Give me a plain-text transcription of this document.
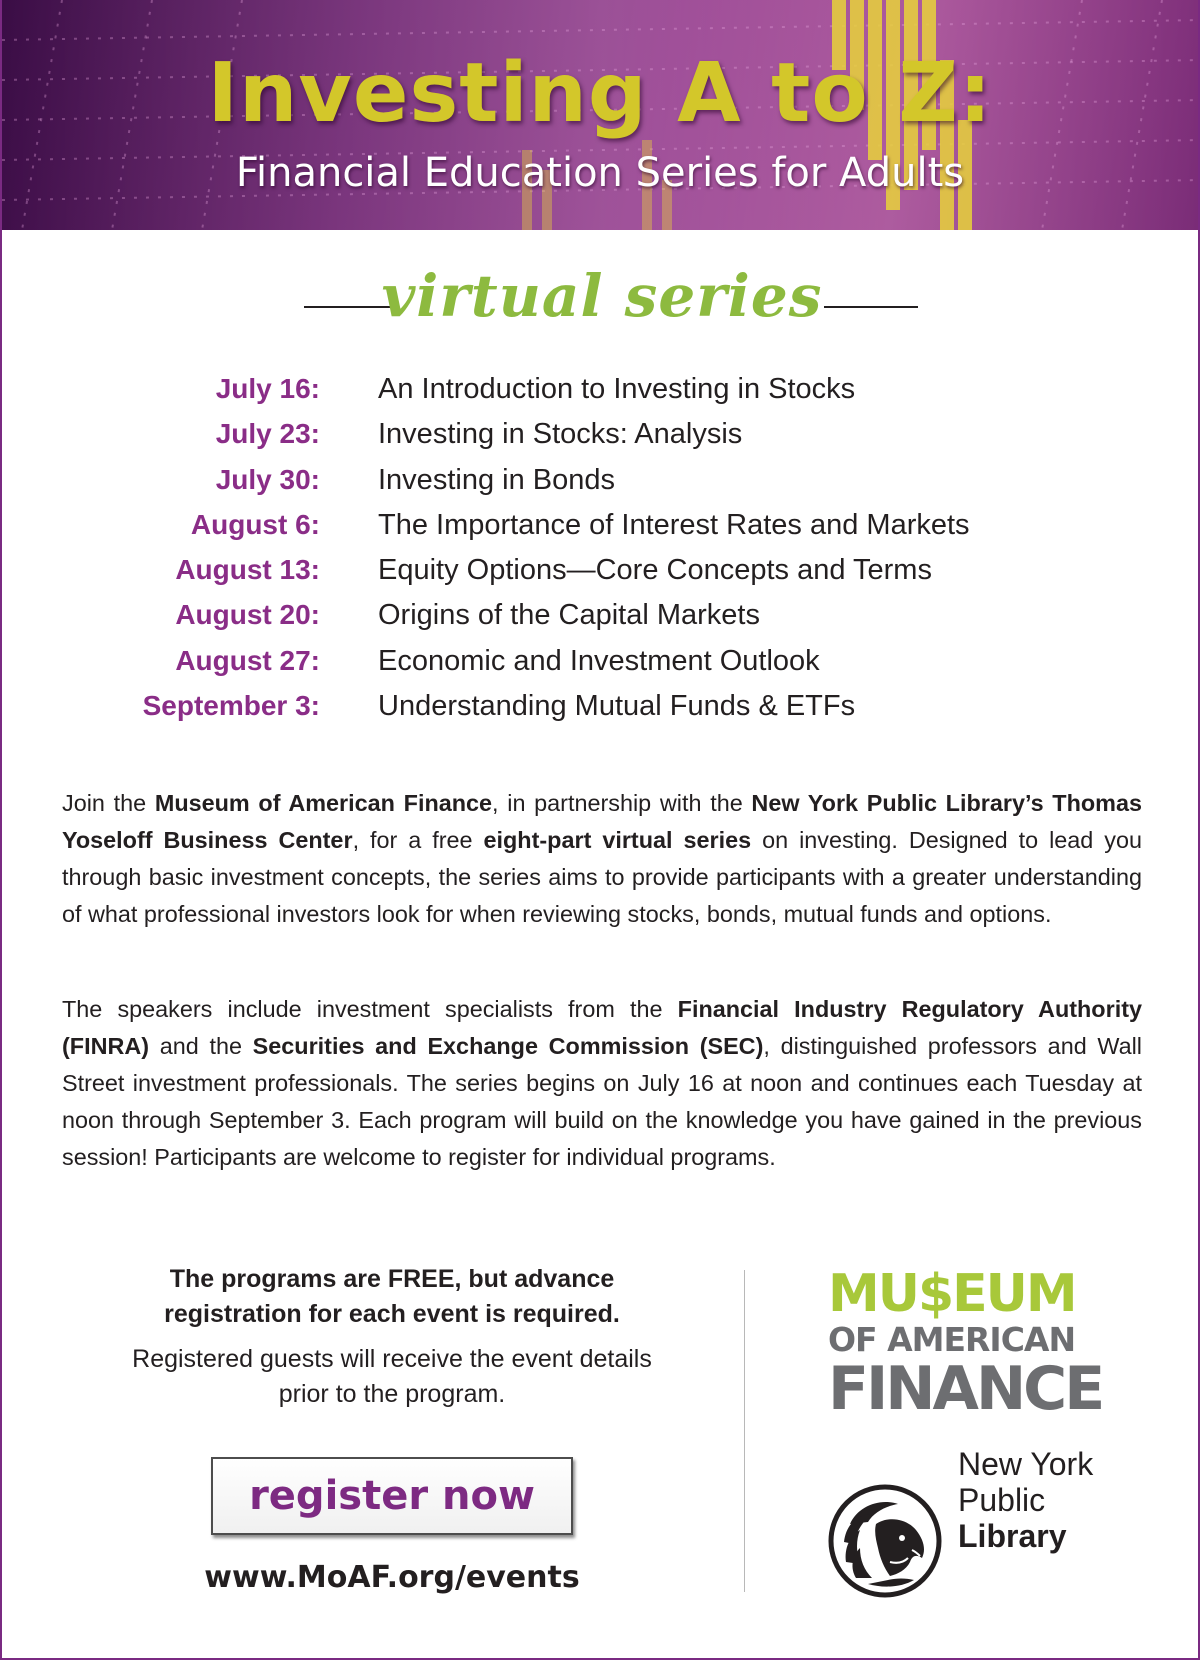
Investing A to Z:
Financial Education Series for Adults
virtual series
July 16: An Introduction to Investing in Stocks
July 23: Investing in Stocks: Analysis
July 30: Investing in Bonds
August 6: The Importance of Interest Rates and Markets
August 13: Equity Options—Core Concepts and Terms
August 20: Origins of the Capital Markets
August 27: Economic and Investment Outlook
September 3: Understanding Mutual Funds & ETFs

Join the Museum of American Finance, in partnership with the New York Public Library’s Thomas Yoseloff Business Center, for a free eight-part virtual series on investing. Designed to lead you through basic investment concepts, the series aims to provide participants with a greater understanding of what professional investors look for when reviewing stocks, bonds, mutual funds and options.

The speakers include investment specialists from the Financial Industry Regulatory Authority (FINRA) and the Securities and Exchange Commission (SEC), distinguished professors and Wall Street investment professionals. The series begins on July 16 at noon and continues each Tuesday at noon through September 3. Each program will build on the knowledge you have gained in the previous session! Participants are welcome to register for individual programs.

The programs are FREE, but advance
registration for each event is required.
Registered guests will receive the event details
prior to the program.
register now
www.MoAF.org/events
MU$EUM
OF AMERICAN
FINANCE
New York
Public
Library
